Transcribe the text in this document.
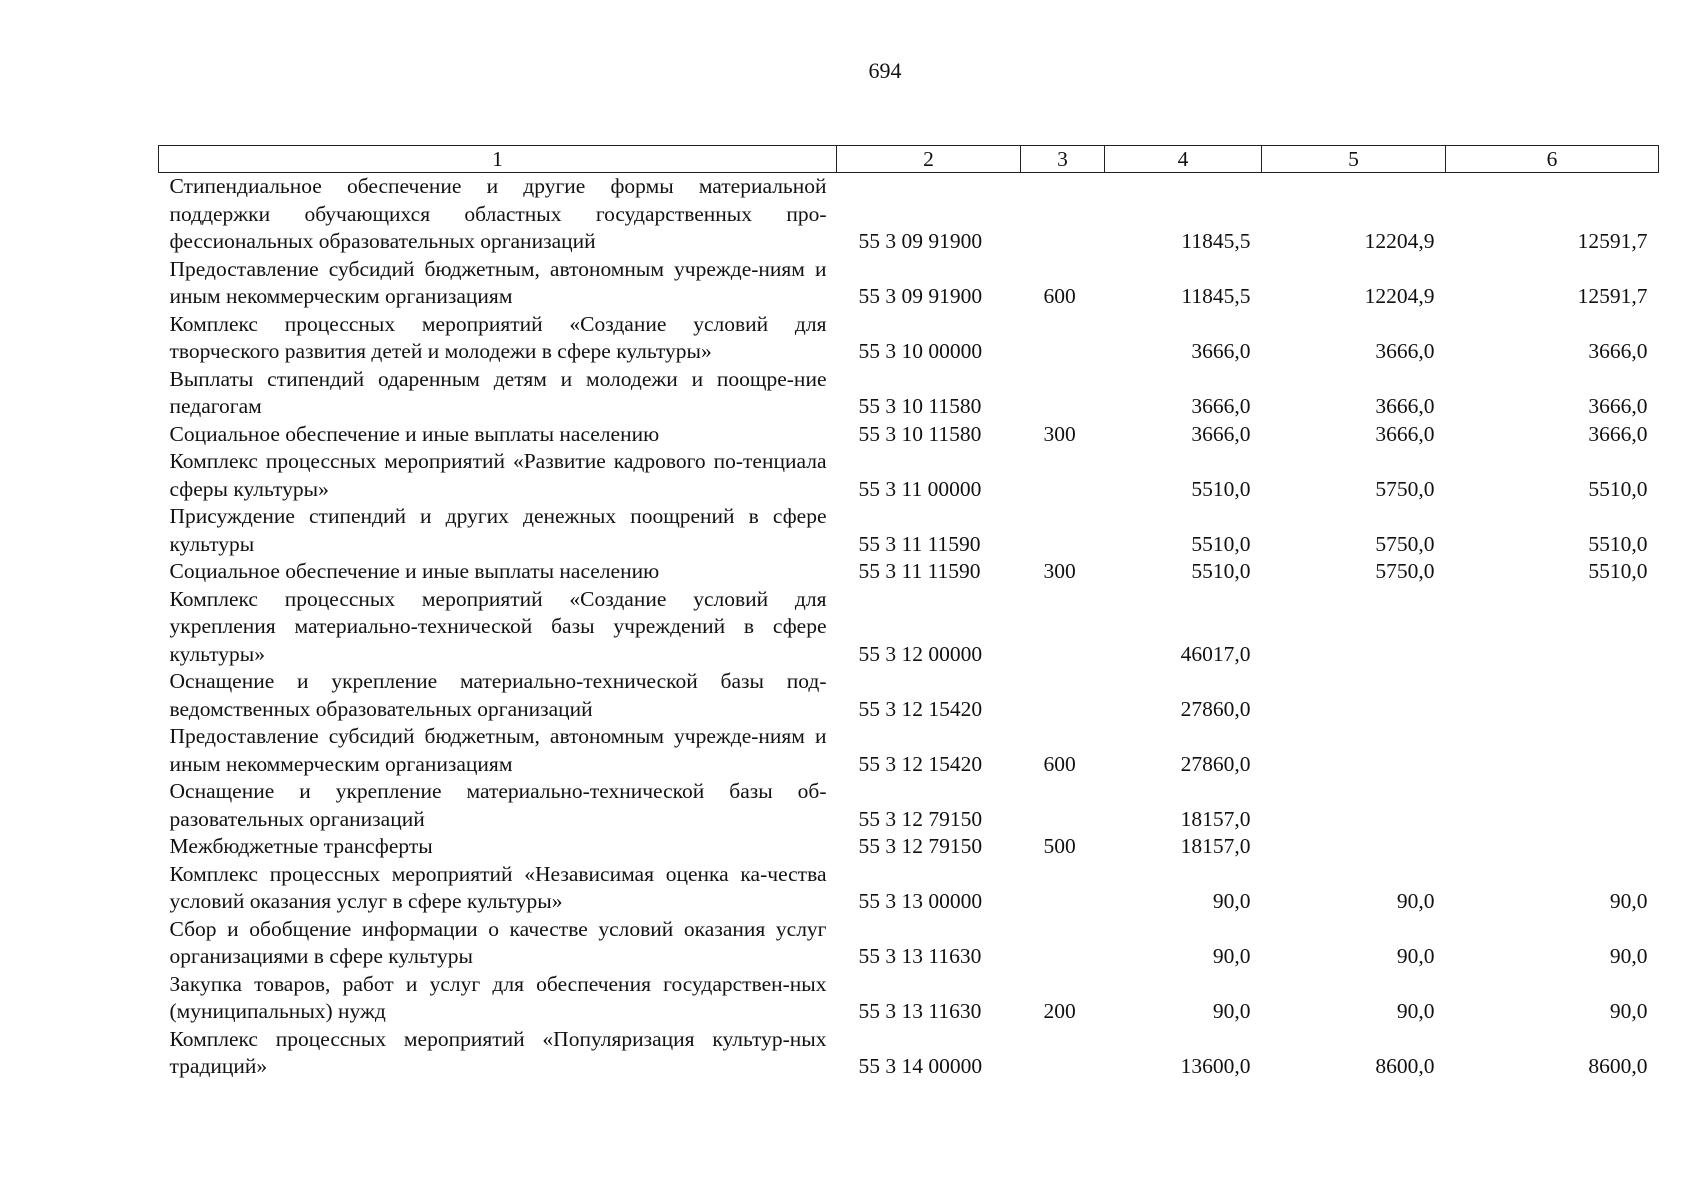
694
1	2	3	4	5	6
Стипендиальное обеспечение и другие формы материальной поддержки обучающихся областных государственных про-фессиональных образовательных организаций	55 3 09 91900		11845,5	12204,9	12591,7
Предоставление субсидий бюджетным, автономным учрежде-ниям и иным некоммерческим организациям	55 3 09 91900	600	11845,5	12204,9	12591,7
Комплекс процессных мероприятий «Создание условий для творческого развития детей и молодежи в сфере культуры»	55 3 10 00000		3666,0	3666,0	3666,0
Выплаты стипендий одаренным детям и молодежи и поощре-ние педагогам	55 3 10 11580		3666,0	3666,0	3666,0
Социальное обеспечение и иные выплаты населению	55 3 10 11580	300	3666,0	3666,0	3666,0
Комплекс процессных мероприятий «Развитие кадрового по-тенциала сферы культуры»	55 3 11 00000		5510,0	5750,0	5510,0
Присуждение стипендий и других денежных поощрений в сфере культуры	55 3 11 11590		5510,0	5750,0	5510,0
Социальное обеспечение и иные выплаты населению	55 3 11 11590	300	5510,0	5750,0	5510,0
Комплекс процессных мероприятий «Создание условий для укрепления материально-технической базы учреждений в сфере культуры»	55 3 12 00000		46017,0		
Оснащение и укрепление материально-технической базы под-ведомственных образовательных организаций	55 3 12 15420		27860,0		
Предоставление субсидий бюджетным, автономным учрежде-ниям и иным некоммерческим организациям	55 3 12 15420	600	27860,0		
Оснащение и укрепление материально-технической базы об-разовательных организаций	55 3 12 79150		18157,0		
Межбюджетные трансферты	55 3 12 79150	500	18157,0		
Комплекс процессных мероприятий «Независимая оценка ка-чества условий оказания услуг в сфере культуры»	55 3 13 00000		90,0	90,0	90,0
Сбор и обобщение информации о качестве условий оказания услуг организациями в сфере культуры	55 3 13 11630		90,0	90,0	90,0
Закупка товаров, работ и услуг для обеспечения государствен-ных (муниципальных) нужд	55 3 13 11630	200	90,0	90,0	90,0
Комплекс процессных мероприятий «Популяризация культур-ных традиций»	55 3 14 00000		13600,0	8600,0	8600,0
